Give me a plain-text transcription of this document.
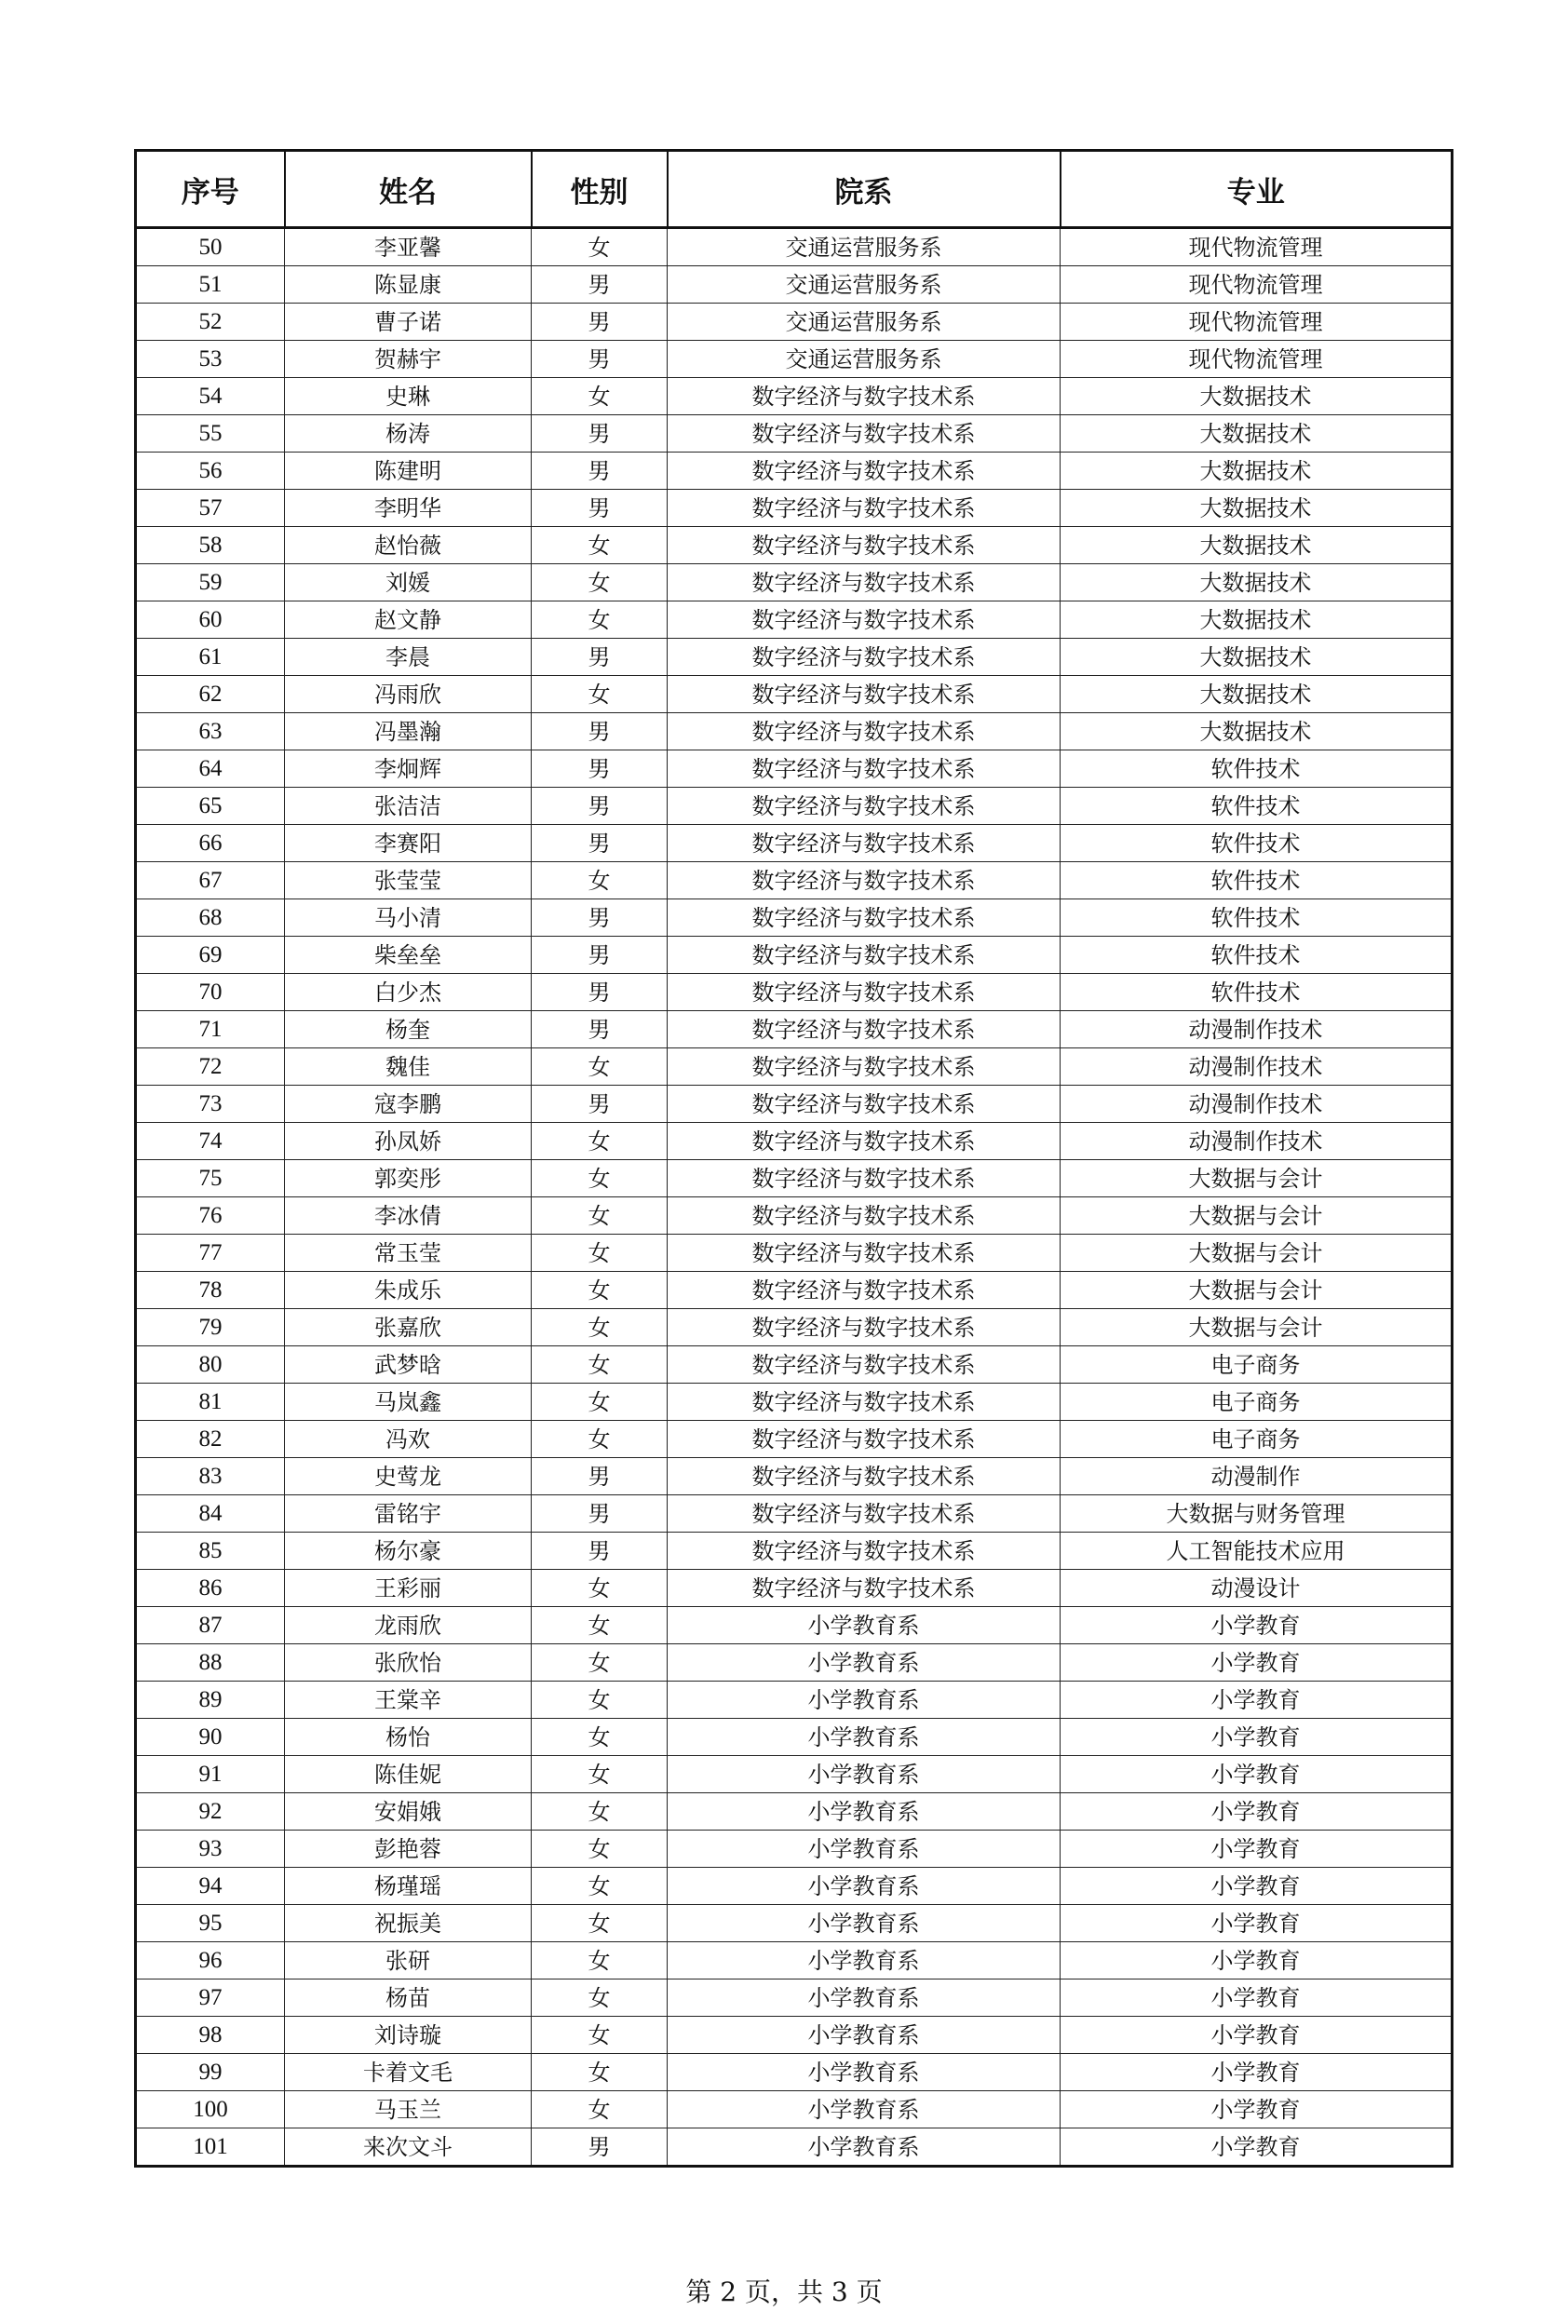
序号	姓名	性别	院系	专业
50	李亚馨	女	交通运营服务系	现代物流管理
51	陈显康	男	交通运营服务系	现代物流管理
52	曹子诺	男	交通运营服务系	现代物流管理
53	贺赫宇	男	交通运营服务系	现代物流管理
54	史琳	女	数字经济与数字技术系	大数据技术
55	杨涛	男	数字经济与数字技术系	大数据技术
56	陈建明	男	数字经济与数字技术系	大数据技术
57	李明华	男	数字经济与数字技术系	大数据技术
58	赵怡薇	女	数字经济与数字技术系	大数据技术
59	刘媛	女	数字经济与数字技术系	大数据技术
60	赵文静	女	数字经济与数字技术系	大数据技术
61	李晨	男	数字经济与数字技术系	大数据技术
62	冯雨欣	女	数字经济与数字技术系	大数据技术
63	冯墨瀚	男	数字经济与数字技术系	大数据技术
64	李炯辉	男	数字经济与数字技术系	软件技术
65	张洁洁	男	数字经济与数字技术系	软件技术
66	李赛阳	男	数字经济与数字技术系	软件技术
67	张莹莹	女	数字经济与数字技术系	软件技术
68	马小清	男	数字经济与数字技术系	软件技术
69	柴垒垒	男	数字经济与数字技术系	软件技术
70	白少杰	男	数字经济与数字技术系	软件技术
71	杨奎	男	数字经济与数字技术系	动漫制作技术
72	魏佳	女	数字经济与数字技术系	动漫制作技术
73	寇李鹏	男	数字经济与数字技术系	动漫制作技术
74	孙凤娇	女	数字经济与数字技术系	动漫制作技术
75	郭奕彤	女	数字经济与数字技术系	大数据与会计
76	李冰倩	女	数字经济与数字技术系	大数据与会计
77	常玉莹	女	数字经济与数字技术系	大数据与会计
78	朱成乐	女	数字经济与数字技术系	大数据与会计
79	张嘉欣	女	数字经济与数字技术系	大数据与会计
80	武梦晗	女	数字经济与数字技术系	电子商务
81	马岚鑫	女	数字经济与数字技术系	电子商务
82	冯欢	女	数字经济与数字技术系	电子商务
83	史莺龙	男	数字经济与数字技术系	动漫制作
84	雷铭宇	男	数字经济与数字技术系	大数据与财务管理
85	杨尔豪	男	数字经济与数字技术系	人工智能技术应用
86	王彩丽	女	数字经济与数字技术系	动漫设计
87	龙雨欣	女	小学教育系	小学教育
88	张欣怡	女	小学教育系	小学教育
89	王棠辛	女	小学教育系	小学教育
90	杨怡	女	小学教育系	小学教育
91	陈佳妮	女	小学教育系	小学教育
92	安娟娥	女	小学教育系	小学教育
93	彭艳蓉	女	小学教育系	小学教育
94	杨瑾瑶	女	小学教育系	小学教育
95	祝振美	女	小学教育系	小学教育
96	张研	女	小学教育系	小学教育
97	杨苗	女	小学教育系	小学教育
98	刘诗璇	女	小学教育系	小学教育
99	卡着文毛	女	小学教育系	小学教育
100	马玉兰	女	小学教育系	小学教育
101	来次文斗	男	小学教育系	小学教育
第 2 页，共 3 页
